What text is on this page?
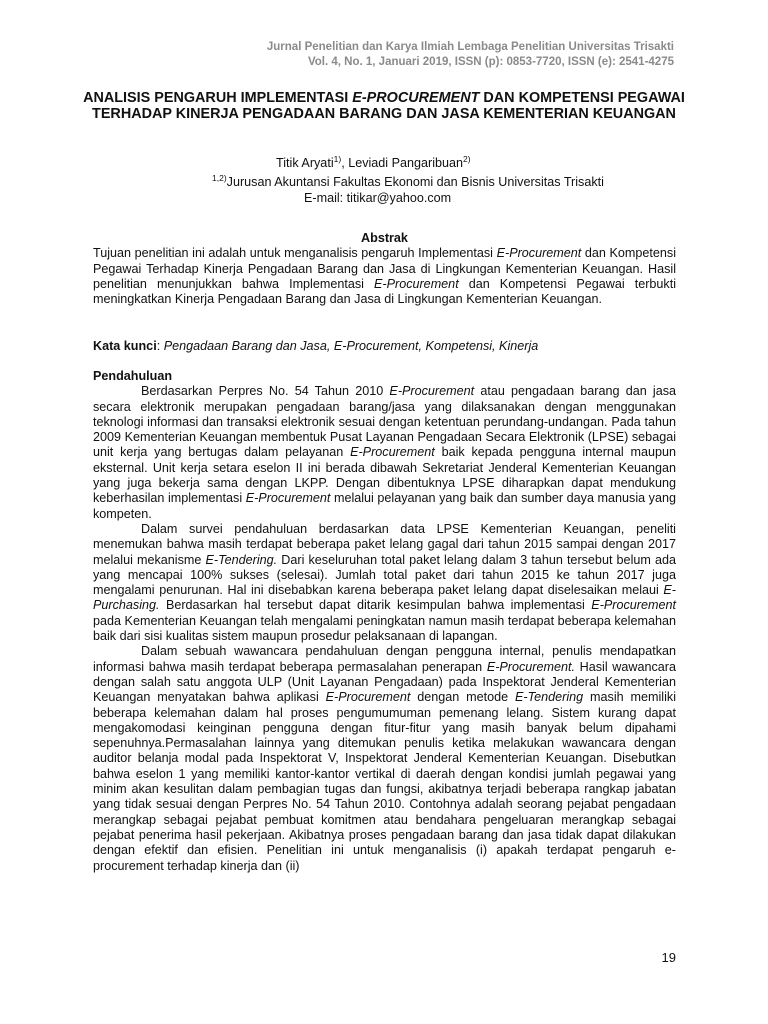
Jurnal Penelitian dan Karya Ilmiah Lembaga Penelitian Universitas Trisakti
Vol. 4, No. 1, Januari 2019, ISSN (p): 0853-7720, ISSN (e): 2541-4275
ANALISIS PENGARUH IMPLEMENTASI E-PROCUREMENT DAN KOMPETENSI PEGAWAI TERHADAP KINERJA PENGADAAN BARANG DAN JASA KEMENTERIAN KEUANGAN
Titik Aryati$^{1)}$, Leviadi Pangaribuan$^{2)}$
$^{1,2)}$Jurusan Akuntansi Fakultas Ekonomi dan Bisnis Universitas Trisakti
E-mail: titikar@yahoo.com
Abstrak
Tujuan penelitian ini adalah untuk menganalisis pengaruh Implementasi E-Procurement dan Kompetensi Pegawai Terhadap Kinerja Pengadaan Barang dan Jasa di Lingkungan Kementerian Keuangan. Hasil penelitian menunjukkan bahwa Implementasi E-Procurement dan Kompetensi Pegawai terbukti meningkatkan Kinerja Pengadaan Barang dan Jasa di Lingkungan Kementerian Keuangan.
Kata kunci: Pengadaan Barang dan Jasa, E-Procurement, Kompetensi, Kinerja
Pendahuluan

Berdasarkan Perpres No. 54 Tahun 2010 E-Procurement atau pengadaan barang dan jasa secara elektronik merupakan pengadaan barang/jasa yang dilaksanakan dengan menggunakan teknologi informasi dan transaksi elektronik sesuai dengan ketentuan perundang-undangan. Pada tahun 2009 Kementerian Keuangan membentuk Pusat Layanan Pengadaan Secara Elektronik (LPSE) sebagai unit kerja yang bertugas dalam pelayanan E-Procurement baik kepada pengguna internal maupun eksternal. Unit kerja setara eselon II ini berada dibawah Sekretariat Jenderal Kementerian Keuangan yang juga bekerja sama dengan LKPP. Dengan dibentuknya LPSE diharapkan dapat mendukung keberhasilan implementasi E-Procurement melalui pelayanan yang baik dan sumber daya manusia yang kompeten.

Dalam survei pendahuluan berdasarkan data LPSE Kementerian Keuangan, peneliti menemukan bahwa masih terdapat beberapa paket lelang gagal dari tahun 2015 sampai dengan 2017 melalui mekanisme E-Tendering. Dari keseluruhan total paket lelang dalam 3 tahun tersebut belum ada yang mencapai 100% sukses (selesai). Jumlah total paket dari tahun 2015 ke tahun 2017 juga mengalami penurunan. Hal ini disebabkan karena beberapa paket lelang dapat diselesaikan melaui E-Purchasing. Berdasarkan hal tersebut dapat ditarik kesimpulan bahwa implementasi E-Procurement pada Kementerian Keuangan telah mengalami peningkatan namun masih terdapat beberapa kelemahan baik dari sisi kualitas sistem maupun prosedur pelaksanaan di lapangan.

Dalam sebuah wawancara pendahuluan dengan pengguna internal, penulis mendapatkan informasi bahwa masih terdapat beberapa permasalahan penerapan E-Procurement. Hasil wawancara dengan salah satu anggota ULP (Unit Layanan Pengadaan) pada Inspektorat Jenderal Kementerian Keuangan menyatakan bahwa aplikasi E-Procurement dengan metode E-Tendering masih memiliki beberapa kelemahan dalam hal proses pengumumuman pemenang lelang. Sistem kurang dapat mengakomodasi keinginan pengguna dengan fitur-fitur yang masih banyak belum dipahami sepenuhnya.Permasalahan lainnya yang ditemukan penulis ketika melakukan wawancara dengan auditor belanja modal pada Inspektorat V, Inspektorat Jenderal Kementerian Keuangan. Disebutkan bahwa eselon 1 yang memiliki kantor-kantor vertikal di daerah dengan kondisi jumlah pegawai yang minim akan kesulitan dalam pembagian tugas dan fungsi, akibatnya terjadi beberapa rangkap jabatan yang tidak sesuai dengan Perpres No. 54 Tahun 2010. Contohnya adalah seorang pejabat pengadaan merangkap sebagai pejabat pembuat komitmen atau bendahara pengeluaran merangkap sebagai pejabat penerima hasil pekerjaan. Akibatnya proses pengadaan barang dan jasa tidak dapat dilakukan dengan efektif dan efisien. Penelitian ini untuk menganalisis (i) apakah terdapat pengaruh e-procurement terhadap kinerja dan (ii)

19
